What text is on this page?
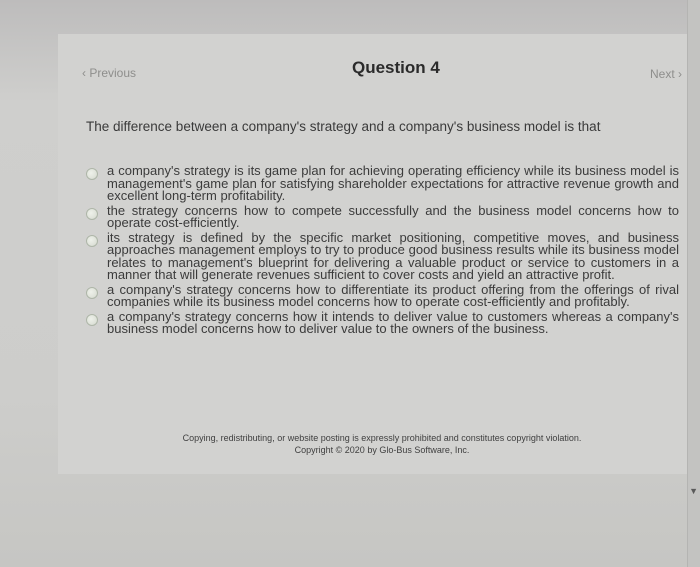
‹ Previous	Question 4	Next ›
The difference between a company's strategy and a company's business model is that
a company's strategy is its game plan for achieving operating efficiency while its business model is management's game plan for satisfying shareholder expectations for attractive revenue growth and excellent long-term profitability.
the strategy concerns how to compete successfully and the business model concerns how to operate cost-efficiently.
its strategy is defined by the specific market positioning, competitive moves, and business approaches management employs to try to produce good business results while its business model relates to management's blueprint for delivering a valuable product or service to customers in a manner that will generate revenues sufficient to cover costs and yield an attractive profit.
a company's strategy concerns how to differentiate its product offering from the offerings of rival companies while its business model concerns how to operate cost-efficiently and profitably.
a company's strategy concerns how it intends to deliver value to customers whereas a company's business model concerns how to deliver value to the owners of the business.
Copying, redistributing, or website posting is expressly prohibited and constitutes copyright violation.
Copyright © 2020 by Glo-Bus Software, Inc.
▼
